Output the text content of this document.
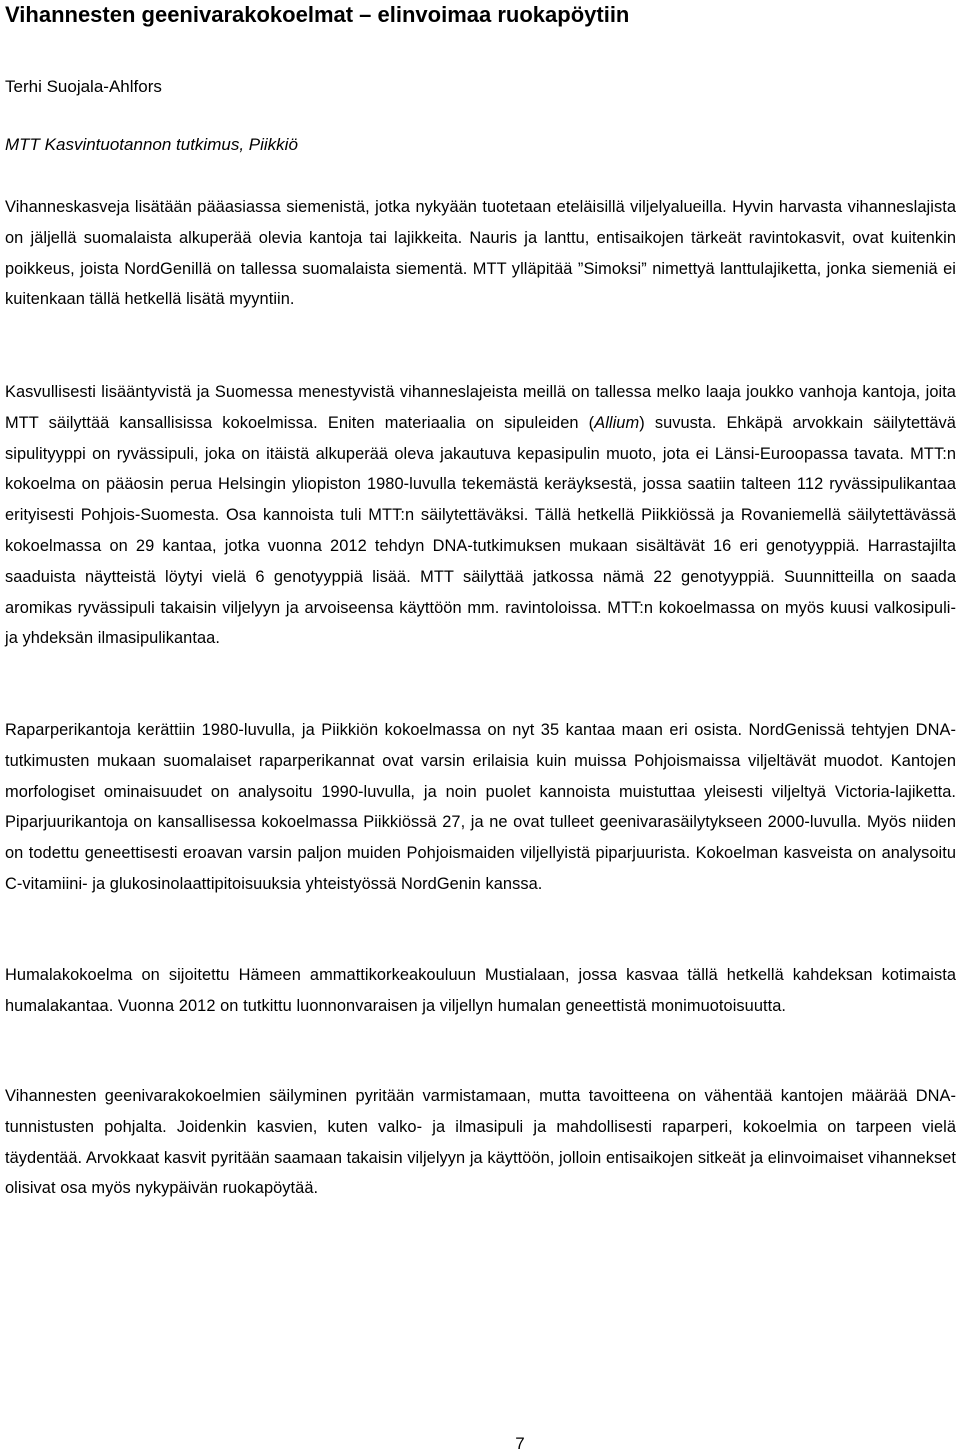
Vihannesten geenivarakokoelmat – elinvoimaa ruokapöytiin

Terhi Suojala-Ahlfors

MTT Kasvintuotannon tutkimus, Piikkiö

Vihanneskasveja lisätään pääasiassa siemenistä, jotka nykyään tuotetaan eteläisillä viljelyalueilla. Hyvin harvasta vihanneslajista on jäljellä suomalaista alkuperää olevia kantoja tai lajikkeita. Nauris ja lanttu, entisaikojen tärkeät ravintokasvit, ovat kuitenkin poikkeus, joista NordGenillä on tallessa suomalaista siementä. MTT ylläpitää ”Simoksi” nimettyä lanttulajiketta, jonka siemeniä ei kuitenkaan tällä hetkellä lisätä myyntiin.

Kasvullisesti lisääntyvistä ja Suomessa menestyvistä vihanneslajeista meillä on tallessa melko laaja joukko vanhoja kantoja, joita MTT säilyttää kansallisissa kokoelmissa. Eniten materiaalia on sipuleiden (Allium) suvusta. Ehkäpä arvokkain säilytettävä sipulityyppi on ryvässipuli, joka on itäistä alkuperää oleva jakautuva kepasipulin muoto, jota ei Länsi-Euroopassa tavata. MTT:n kokoelma on pääosin perua Helsingin yliopiston 1980-luvulla tekemästä keräyksestä, jossa saatiin talteen 112 ryvässipulikantaa erityisesti Pohjois-Suomesta. Osa kannoista tuli MTT:n säilytettäväksi. Tällä hetkellä Piikkiössä ja Rovaniemellä säilytettävässä kokoelmassa on 29 kantaa, jotka vuonna 2012 tehdyn DNA-tutkimuksen mukaan sisältävät 16 eri genotyyppiä. Harrastajilta saaduista näytteistä löytyi vielä 6 genotyyppiä lisää. MTT säilyttää jatkossa nämä 22 genotyyppiä. Suunnitteilla on saada aromikas ryvässipuli takaisin viljelyyn ja arvoiseensa käyttöön mm. ravintoloissa. MTT:n kokoelmassa on myös kuusi valkosipuli- ja yhdeksän ilmasipulikantaa.

Raparperikantoja kerättiin 1980-luvulla, ja Piikkiön kokoelmassa on nyt 35 kantaa maan eri osista. NordGenissä tehtyjen DNA-tutkimusten mukaan suomalaiset raparperikannat ovat varsin erilaisia kuin muissa Pohjoismaissa viljeltävät muodot. Kantojen morfologiset ominaisuudet on analysoitu 1990-luvulla, ja noin puolet kannoista muistuttaa yleisesti viljeltyä Victoria-lajiketta. Piparjuurikantoja on kansallisessa kokoelmassa Piikkiössä 27, ja ne ovat tulleet geenivarasäilytykseen 2000-luvulla. Myös niiden on todettu geneettisesti eroavan varsin paljon muiden Pohjoismaiden viljellyistä piparjuurista. Kokoelman kasveista on analysoitu C-vitamiini- ja glukosinolaattipitoisuuksia yhteistyössä NordGenin kanssa.

Humalakokoelma on sijoitettu Hämeen ammattikorkeakouluun Mustialaan, jossa kasvaa tällä hetkellä kahdeksan kotimaista humalakantaa. Vuonna 2012 on tutkittu luonnonvaraisen ja viljellyn humalan geneettistä monimuotoisuutta.

Vihannesten geenivarakokoelmien säilyminen pyritään varmistamaan, mutta tavoitteena on vähentää kantojen määrää DNA-tunnistusten pohjalta. Joidenkin kasvien, kuten valko- ja ilmasipuli ja mahdollisesti raparperi, kokoelmia on tarpeen vielä täydentää. Arvokkaat kasvit pyritään saamaan takaisin viljelyyn ja käyttöön, jolloin entisaikojen sitkeät ja elinvoimaiset vihannekset olisivat osa myös nykypäivän ruokapöytää.

7
